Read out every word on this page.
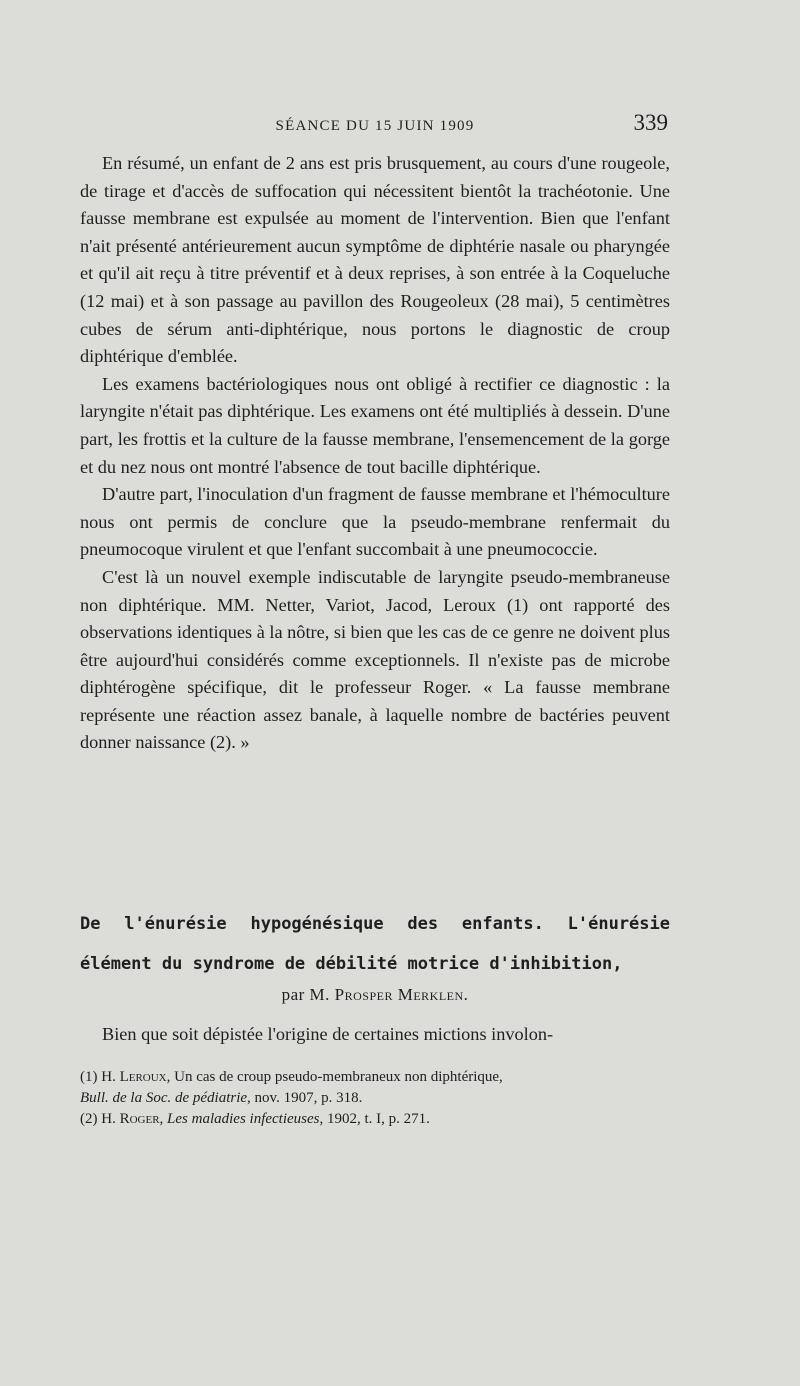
SÉANCE DU 15 JUIN 1909	339

En résumé, un enfant de 2 ans est pris brusquement, au cours d'une rougeole, de tirage et d'accès de suffocation qui nécessitent bientôt la trachéotonie. Une fausse membrane est expulsée au moment de l'intervention. Bien que l'enfant n'ait présenté antérieurement aucun symptôme de diphtérie nasale ou pharyngée et qu'il ait reçu à titre préventif et à deux reprises, à son entrée à la Coqueluche (12 mai) et à son passage au pavillon des Rougeoleux (28 mai), 5 centimètres cubes de sérum anti-diphtérique, nous portons le diagnostic de croup diphtérique d'emblée.

Les examens bactériologiques nous ont obligé à rectifier ce diagnostic : la laryngite n'était pas diphtérique. Les examens ont été multipliés à dessein. D'une part, les frottis et la culture de la fausse membrane, l'ensemencement de la gorge et du nez nous ont montré l'absence de tout bacille diphtérique.

D'autre part, l'inoculation d'un fragment de fausse membrane et l'hémoculture nous ont permis de conclure que la pseudo-membrane renfermait du pneumocoque virulent et que l'enfant succombait à une pneumococcie.

C'est là un nouvel exemple indiscutable de laryngite pseudo-membraneuse non diphtérique. MM. Netter, Variot, Jacod, Leroux (1) ont rapporté des observations identiques à la nôtre, si bien que les cas de ce genre ne doivent plus être aujourd'hui considérés comme exceptionnels. Il n'existe pas de microbe diphtérogène spécifique, dit le professeur Roger. « La fausse membrane représente une réaction assez banale, à laquelle nombre de bactéries peuvent donner naissance (2). »

De l'énurésie hypogénésique des enfants. L'énurésie élément du syndrome de débilité motrice d'inhibition,
par M. Prosper Merklen.

Bien que soit dépistée l'origine de certaines mictions involon-

(1) H. Leroux, Un cas de croup pseudo-membraneux non diphtérique,
Bull. de la Soc. de pédiatrie, nov. 1907, p. 318.
(2) H. Roger, Les maladies infectieuses, 1902, t. I, p. 271.
